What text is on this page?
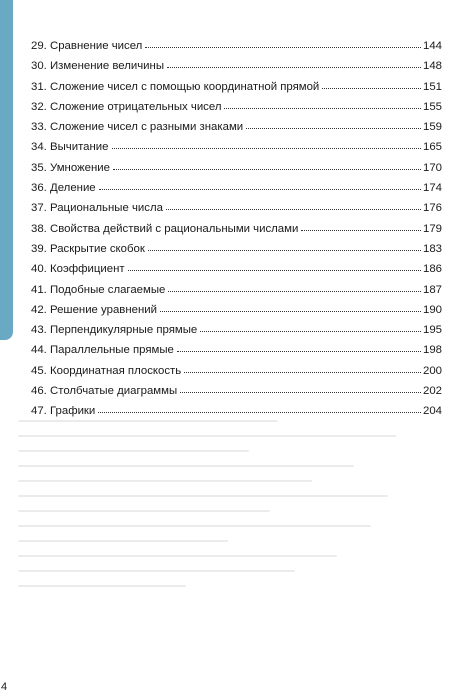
29. Сравнение чисел	144
30. Изменение величины	148
31. Сложение чисел с помощью координатной прямой	151
32. Сложение отрицательных чисел	155
33. Сложение чисел с разными знаками	159
34. Вычитание	165
35. Умножение	170
36. Деление	174
37. Рациональные числа	176
38. Свойства действий с рациональными числами	179
39. Раскрытие скобок	183
40. Коэффициент	186
41. Подобные слагаемые	187
42. Решение уравнений	190
43. Перпендикулярные прямые	195
44. Параллельные прямые	198
45. Координатная плоскость	200
46. Столбчатые диаграммы	202
47. Графики	204
4
